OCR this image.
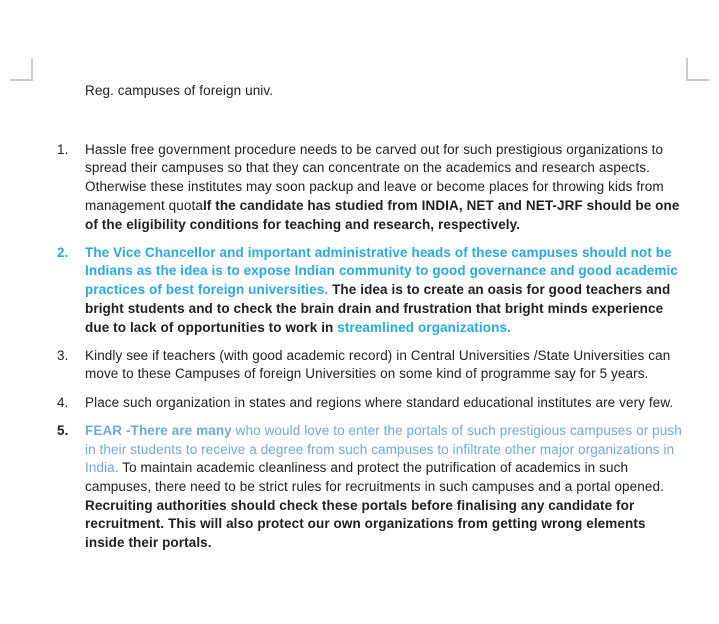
Reg. campuses of foreign univ.

1.	Hassle free government procedure needs to be carved out for such prestigious organizations to spread their campuses so that they can concentrate on the academics and research aspects. Otherwise these institutes may soon packup and leave or become places for throwing kids from management quotaIf the candidate has studied from INDIA, NET and NET-JRF should be one of the eligibility conditions for teaching and research, respectively.
2.	The Vice Chancellor and important administrative heads of these campuses should not be Indians as the idea is to expose Indian community to good governance and good academic practices of best foreign universities. The idea is to create an oasis for good teachers and bright students and to check the brain drain and frustration that bright minds experience due to lack of opportunities to work in streamlined organizations.
3.	Kindly see if teachers (with good academic record) in Central Universities /State Universities can move to these Campuses of foreign Universities on some kind of programme say for 5 years.
4.	Place such organization in states and regions where standard educational institutes are very few.
5.	FEAR -There are many who would love to enter the portals of such prestigious campuses or push in their students to receive a degree from such campuses to infiltrate other major organizations in India. To maintain academic cleanliness and protect the putrification of academics in such campuses, there need to be strict rules for recruitments in such campuses and a portal opened. Recruiting authorities should check these portals before finalising any candidate for recruitment. This will also protect our own organizations from getting wrong elements inside their portals.
